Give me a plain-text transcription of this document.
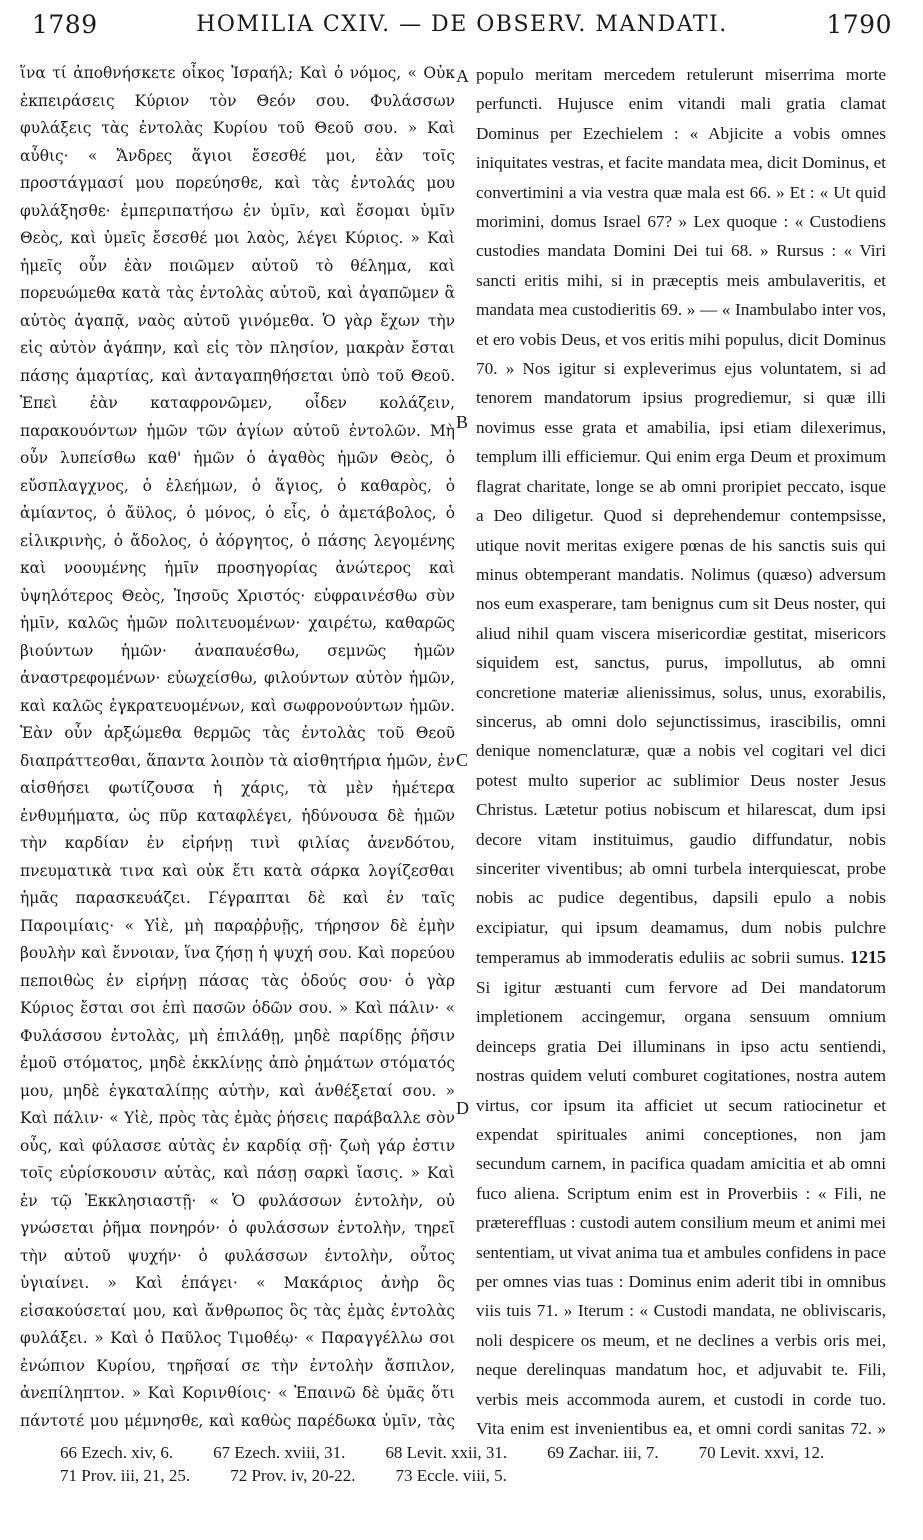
1789	HOMILIA CXIV. — DE OBSERV. MANDATI.	1790

ἵνα τί ἀποθνήσκετε οἶκος Ἰσραήλ; Καὶ ὁ νόμος, « Οὐκ ἐκπειράσεις Κύριον τὸν Θεόν σου. Φυλάσσων φυλάξεις τὰς ἐντολὰς Κυρίου τοῦ Θεοῦ σου. » Καὶ αὖθις· « Ἄνδρες ἅγιοι ἔσεσθέ μοι, ἐὰν τοῖς προστάγμασί μου πορεύησθε, καὶ τὰς ἐντολάς μου φυλάξησθε· ἐμπεριπατήσω ἐν ὑμῖν, καὶ ἔσομαι ὑμῖν Θεὸς, καὶ ὑμεῖς ἔσεσθέ μοι λαὸς, λέγει Κύριος. » Καὶ ἡμεῖς οὖν ἐὰν ποιῶμεν αὐτοῦ τὸ θέλημα, καὶ πορευώμεθα κατὰ τὰς ἐντολὰς αὐτοῦ, καὶ ἀγαπῶμεν ἃ αὐτὸς ἀγαπᾷ, ναὸς αὐτοῦ γινόμεθα. Ὁ γὰρ ἔχων τὴν εἰς αὐτὸν ἀγάπην, καὶ εἰς τὸν πλησίον, μακρὰν ἔσται πάσης ἁμαρτίας, καὶ ἀνταγαπηθήσεται ὑπὸ τοῦ Θεοῦ. Ἐπεὶ ἐὰν καταφρονῶμεν, οἶδεν κολάζειν, παρακουόντων ἡμῶν τῶν ἁγίων αὐτοῦ ἐντολῶν. Μὴ οὖν λυπείσθω καθ' ἡμῶν ὁ ἀγαθὸς ἡμῶν Θεὸς, ὁ εὔσπλαγχνος, ὁ ἐλεήμων, ὁ ἅγιος, ὁ καθαρὸς, ὁ ἀμίαντος, ὁ ἄϋλος, ὁ μόνος, ὁ εἷς, ὁ ἀμετάβολος, ὁ εἰλικρινὴς, ὁ ἄδολος, ὁ ἀόργητος, ὁ πάσης λεγομένης καὶ νοουμένης ἡμῖν προσηγορίας ἀνώτερος καὶ ὑψηλότερος Θεὸς, Ἰησοῦς Χριστός· εὐφραινέσθω σὺν ἡμῖν, καλῶς ἡμῶν πολιτευομένων· χαιρέτω, καθαρῶς βιούντων ἡμῶν· ἀναπαυέσθω, σεμνῶς ἡμῶν ἀναστρεφομένων· εὐωχείσθω, φιλούντων αὐτὸν ἡμῶν, καὶ καλῶς ἐγκρατευομένων, καὶ σωφρονούντων ἡμῶν. Ἐὰν οὖν ἀρξώμεθα θερμῶς τὰς ἐντολὰς τοῦ Θεοῦ διαπράττεσθαι, ἅπαντα λοιπὸν τὰ αἰσθητήρια ἡμῶν, ἐν αἰσθήσει φωτίζουσα ἡ χάρις, τὰ μὲν ἡμέτερα ἐνθυμήματα, ὡς πῦρ καταφλέγει, ἡδύνουσα δὲ ἡμῶν τὴν καρδίαν ἐν εἰρήνῃ τινὶ φιλίας ἀνενδότου, πνευματικὰ τινα καὶ οὐκ ἔτι κατὰ σάρκα λογίζεσθαι ἡμᾶς παρασκευάζει. Γέγραπται δὲ καὶ ἐν ταῖς Παροιμίαις· « Υἱὲ, μὴ παραῤῥυῇς, τήρησον δὲ ἐμὴν βουλὴν καὶ ἔννοιαν, ἵνα ζήσῃ ἡ ψυχή σου. Καὶ πορεύου πεποιθὼς ἐν εἰρήνῃ πάσας τὰς ὁδούς σου· ὁ γὰρ Κύριος ἔσται σοι ἐπὶ πασῶν ὁδῶν σου. » Καὶ πάλιν· « Φυλάσσου ἐντολὰς, μὴ ἐπιλάθῃ, μηδὲ παρίδῃς ῥῆσιν ἐμοῦ στόματος, μηδὲ ἐκκλίνῃς ἀπὸ ῥημάτων στόματός μου, μηδὲ ἐγκαταλίπῃς αὐτὴν, καὶ ἀνθέξεταί σου. » Καὶ πάλιν· « Υἱὲ, πρὸς τὰς ἐμὰς ῥήσεις παράβαλλε σὸν οὖς, καὶ φύλασσε αὐτὰς ἐν καρδίᾳ σῇ· ζωὴ γάρ ἐστιν τοῖς εὑρίσκουσιν αὐτὰς, καὶ πάσῃ σαρκὶ ἴασις. » Καὶ ἐν τῷ Ἐκκλησιαστῇ· « Ὁ φυλάσσων ἐντολὴν, οὐ γνώσεται ῥῆμα πονηρόν· ὁ φυλάσσων ἐντολὴν, τηρεῖ τὴν αὐτοῦ ψυχήν· ὁ φυλάσσων ἐντολὴν, οὗτος ὑγιαίνει. » Καὶ ἐπάγει· « Μακάριος ἀνὴρ ὃς εἰσακούσεταί μου, καὶ ἄνθρωπος ὃς τὰς ἐμὰς ἐντολὰς φυλάξει. » Καὶ ὁ Παῦλος Τιμοθέῳ· « Παραγγέλλω σοι ἐνώπιον Κυρίου, τηρῆσαί σε τὴν ἐντολὴν ἄσπιλον, ἀνεπίληπτον. » Καὶ Κορινθίοις· « Ἐπαινῶ δὲ ὑμᾶς ὅτι πάντοτέ μου μέμνησθε, καὶ καθὼς παρέδωκα ὑμῖν, τὰς

A
B
C
D

populo meritam mercedem retulerunt miserrima morte perfuncti. Hujusce enim vitandi mali gratia clamat Dominus per Ezechielem : « Abjicite a vobis omnes iniquitates vestras, et facite mandata mea, dicit Dominus, et convertimini a via vestra quæ mala est 66. » Et : « Ut quid morimini, domus Israel 67? » Lex quoque : « Custodiens custodies mandata Domini Dei tui 68. » Rursus : « Viri sancti eritis mihi, si in præceptis meis ambulaveritis, et mandata mea custodieritis 69. » — « Inambulabo inter vos, et ero vobis Deus, et vos eritis mihi populus, dicit Dominus 70. » Nos igitur si expleverimus ejus voluntatem, si ad tenorem mandatorum ipsius progrediemur, si quæ illi novimus esse grata et amabilia, ipsi etiam dilexerimus, templum illi efficiemur. Qui enim erga Deum et proximum flagrat charitate, longe se ab omni proripiet peccato, isque a Deo diligetur. Quod si deprehendemur contempsisse, utique novit meritas exigere pœnas de his sanctis suis qui minus obtemperant mandatis. Nolimus (quæso) adversum nos eum exasperare, tam benignus cum sit Deus noster, qui aliud nihil quam viscera misericordiæ gestitat, misericors siquidem est, sanctus, purus, impollutus, ab omni concretione materiæ alienissimus, solus, unus, exorabilis, sincerus, ab omni dolo sejunctissimus, irascibilis, omni denique nomenclaturæ, quæ a nobis vel cogitari vel dici potest multo superior ac sublimior Deus noster Jesus Christus. Lætetur potius nobiscum et hilarescat, dum ipsi decore vitam instituimus, gaudio diffundatur, nobis sinceriter viventibus; ab omni turbela interquiescat, probe nobis ac pudice degentibus, dapsili epulo a nobis excipiatur, qui ipsum deamamus, dum nobis pulchre temperamus ab immoderatis eduliis ac sobrii sumus. 1215 Si igitur æstuanti cum fervore ad Dei mandatorum impletionem accingemur, organa sensuum omnium deinceps gratia Dei illuminans in ipso actu sentiendi, nostras quidem veluti comburet cogitationes, nostra autem virtus, cor ipsum ita afficiet ut secum ratiocinetur et expendat spirituales animi conceptiones, non jam secundum carnem, in pacifica quadam amicitia et ab omni fuco aliena. Scriptum enim est in Proverbiis : « Fili, ne prætereffluas : custodi autem consilium meum et animi mei sententiam, ut vivat anima tua et ambules confidens in pace per omnes vias tuas : Dominus enim aderit tibi in omnibus viis tuis 71. » Iterum : « Custodi mandata, ne obliviscaris, noli despicere os meum, et ne declines a verbis oris mei, neque derelinquas mandatum hoc, et adjuvabit te. Fili, verbis meis accommoda aurem, et custodi in corde tuo. Vita enim est invenientibus ea, et omni cordi sanitas 72. »

66 Ezech. xiv, 6. 67 Ezech. xviii, 31. 68 Levit. xxii, 31. 69 Zachar. iii, 7. 70 Levit. xxvi, 12.
71 Prov. iii, 21, 25. 72 Prov. iv, 20-22. 73 Eccle. viii, 5.
